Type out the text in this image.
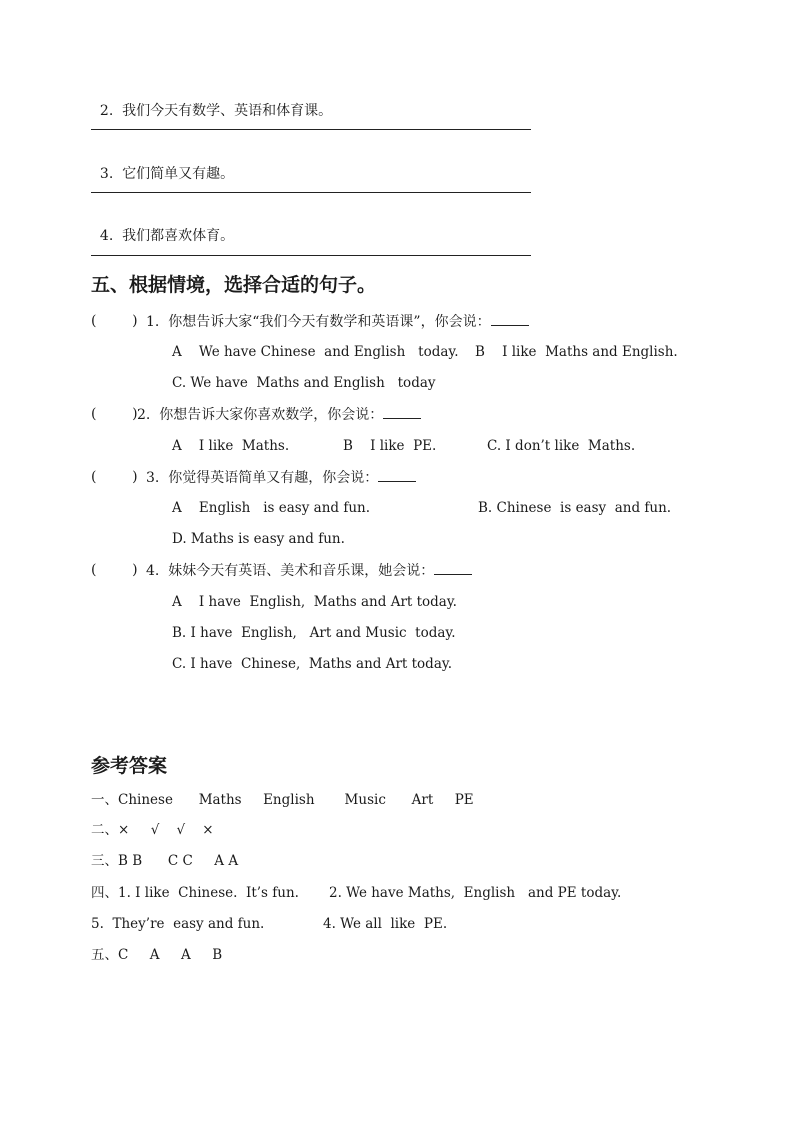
2. 我们今天有数学、英语和体育课。

3. 它们简单又有趣。

4. 我们都喜欢体育。

五、根据情境，选择合适的句子。
(        ) 1.  你想告诉大家“我们今天有数学和英语课”，你会说：
A    We have Chinese  and English   today. B    I like  Maths and English.
C. We have  Maths and English   today
(        ) 2.  你想告诉大家你喜欢数学，你会说：
A    I like  Maths.	B    I like  PE.	C. I don’t like  Maths.
(        ) 3.  你觉得英语简单又有趣，你会说：
A    English   is easy and fun.	B. Chinese  is easy  and fun.
D. Maths is easy and fun.
(        ) 4.  妹妹今天有英语、美术和音乐课，她会说：
A    I have  English,  Maths and Art today.
B. I have  English,   Art and Music  today.
C. I have  Chinese,  Maths and Art today.
参考答案
一、Chinese      Maths     English       Music      Art     PE
二、×     √    √    ×
三、B B      C C     A A
四、1. I like  Chinese.  It’s fun. 2. We have Maths,  English   and PE today.
5.  They’re  easy and fun.	4. We all  like  PE.
五、C     A     A     B
